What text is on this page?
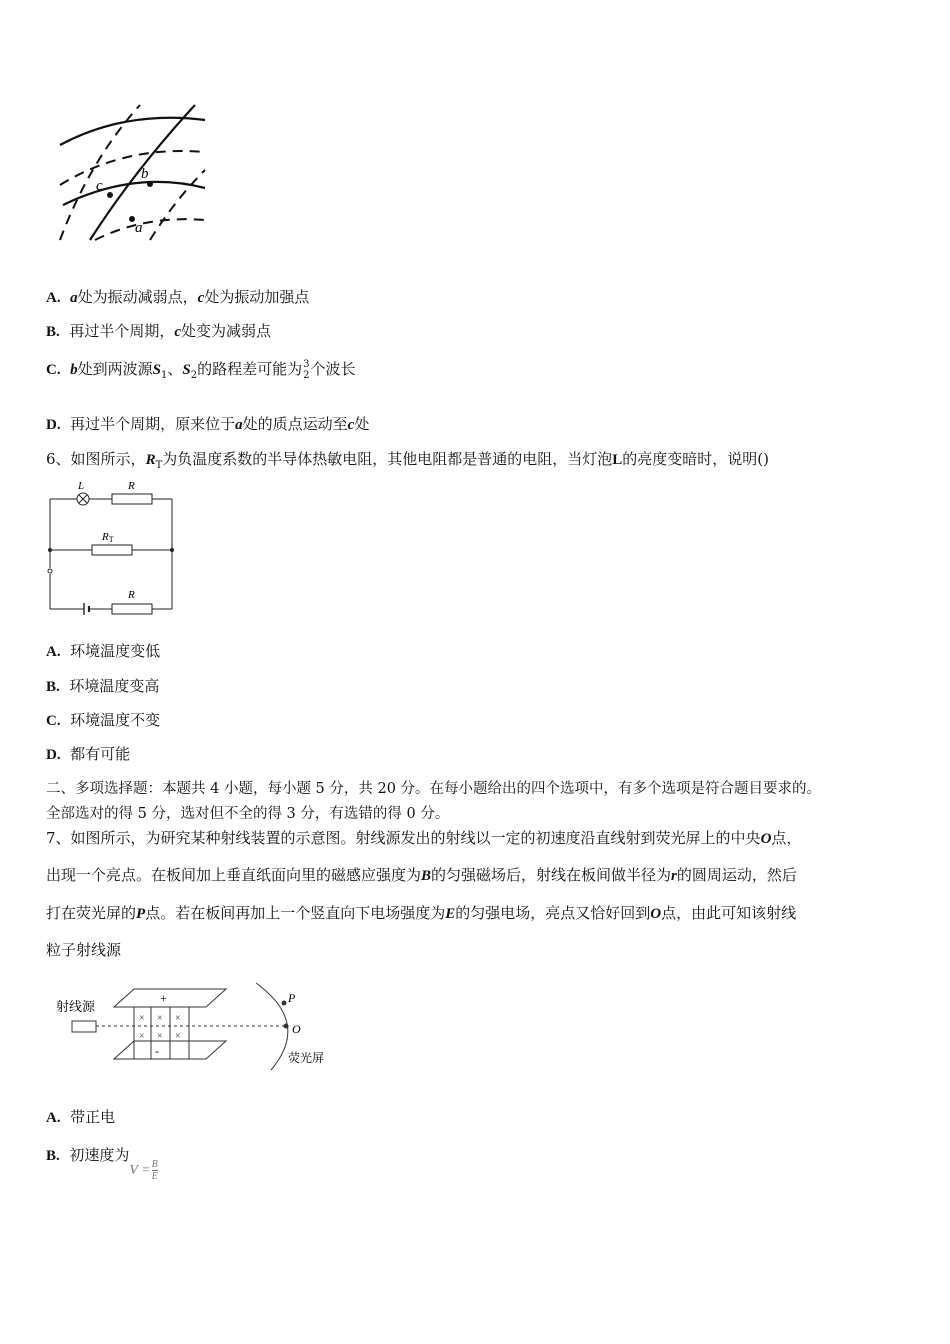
b
c
a
A. a处为振动减弱点，c处为振动加强点
B. 再过半个周期，c处变为减弱点
C. b处到两波源$S_1$、$S_2$的路程差可能为 3
2 个波长
D. 再过半个周期，原来位于a处的质点运动至c处
6、如图所示，$R_T$为负温度系数的半导体热敏电阻，其他电阻都是普通的电阻，当灯泡L的亮度变暗时，说明()
L	R
RT
R
A. 环境温度变低
B. 环境温度变高
C. 环境温度不变
D. 都有可能
二、多项选择题：本题共 4 小题，每小题 5 分，共 20 分。在每小题给出的四个选项中，有多个选项是符合题目要求的。
全部选对的得 5 分，选对但不全的得 3 分，有选错的得 0 分。
7、如图所示，为研究某种射线装置的示意图。射线源发出的射线以一定的初速度沿直线射到荧光屏上的中央O点，
出现一个亮点。在板间加上垂直纸面向里的磁感应强度为B的匀强磁场后，射线在板间做半径为r的圆周运动，然后
打在荧光屏的P点。若在板间再加上一个竖直向下电场强度为E的匀强电场，亮点又恰好回到O点，由此可知该射线
粒子射线源
射线源
+
-
× × ×
× × ×
P
O
荧光屏
A. 带正电
B. 初速度为$V = \frac{B}{E}$
